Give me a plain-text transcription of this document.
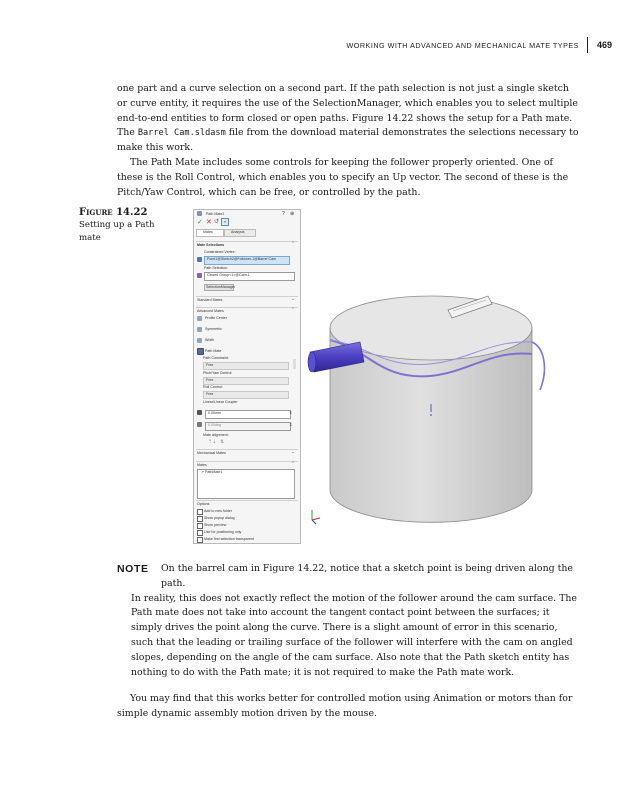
WORKING WITH ADVANCED AND MECHANICAL MATE TYPES 469

one part and a curve selection on a second part. If the path selection is not just a single sketch or curve entity, it requires the use of the SelectionManager, which enables you to select multiple end-to-end entities to form closed or open paths. Figure 14.22 shows the setup for a Path mate. The Barrel Cam.sldasm file from the download material demonstrates the selections necessary to make this work.

The Path Mate includes some controls for keeping the follower properly oriented. One of these is the Roll Control, which enables you to specify an Up vector. The second of these is the Pitch/Yaw Control, which can be free, or controlled by the path.

Figure 14.22
Setting up a Path mate
Path Mate1	? ⊕
✓ ✕ ↺	»
Mates	Analysis
Mate Selections	⌃
Constrained Vertex:
Point1@Sketch2@Follower-1@Barrel Cam
Path Selection:
Closed Group<1>@Cam-1
SelectionManager
Standard Mates	⌄
Advanced Mates	⌃
Profile Center
Symmetric
Width
Path Mate
Path Constraint:
Free
Pitch/Yaw Control:
Free
Roll Control:
Free
Linear/Linear Coupler
0.00mm	⇕
0.00deg	⇕
Mate alignment:
⇡⇣ ⇅
Mechanical Mates	⌄
Mates	⌃
↗ PathMate1
Options
Add to new folder
Show popup dialog
Show preview
Use for positioning only
Make first selection transparent
NOTE	On the barrel cam in Figure 14.22, notice that a sketch point is being driven along the path.

In reality, this does not exactly reflect the motion of the follower around the cam surface. The Path mate does not take into account the tangent contact point between the surfaces; it simply drives the point along the curve. There is a slight amount of error in this scenario, such that the leading or trailing surface of the follower will interfere with the cam on angled slopes, depending on the angle of the cam surface. Also note that the Path sketch entity has nothing to do with the Path mate; it is not required to make the Path mate work.

You may find that this works better for controlled motion using Animation or motors than for simple dynamic assembly motion driven by the mouse.
